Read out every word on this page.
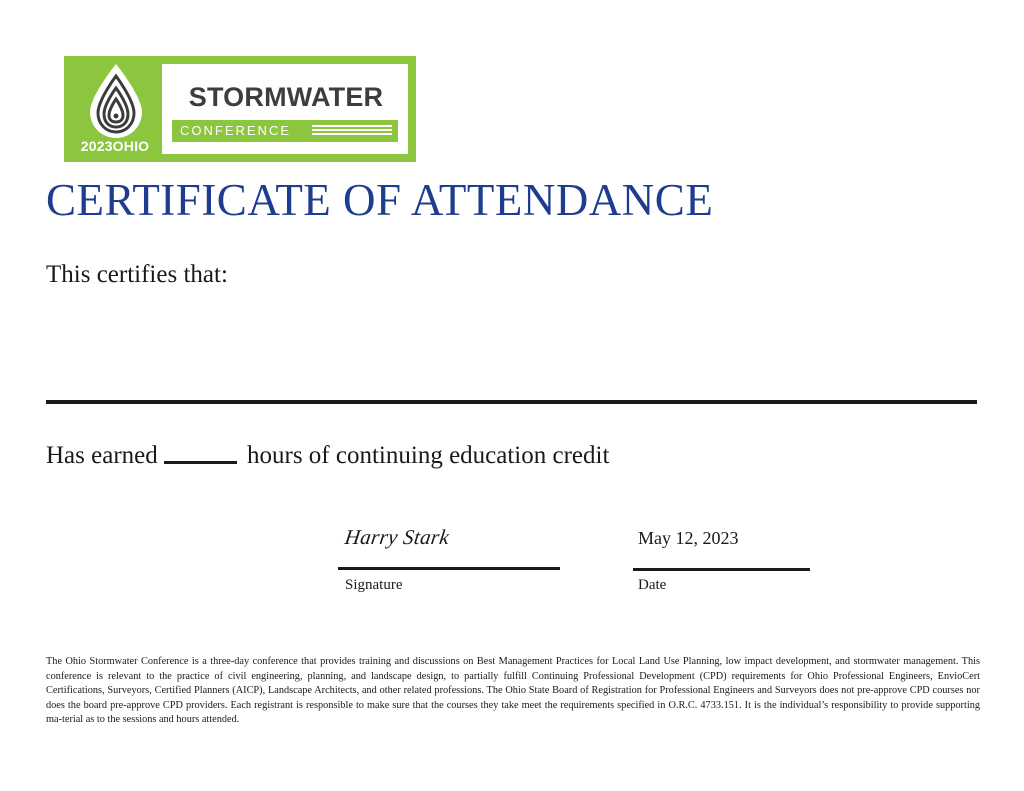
2023OHIO
STORMWATER
CONFERENCE
CERTIFICATE OF ATTENDANCE
This certifies that:
Has earned	hours of continuing education credit
Harry Stark
Signature
May 12, 2023
Date
The Ohio Stormwater Conference is a three-day conference that provides training and discussions on Best Management Practices for Local Land Use Planning, low impact development, and stormwater management. This conference is relevant to the practice of civil engineering, planning, and landscape design, to partially fulfill Continuing Professional Development (CPD) requirements for Ohio Professional Engineers, EnvioCert Certifications, Surveyors, Certified Planners (AICP), Landscape Architects, and other related professions. The Ohio State Board of Registration for Professional Engineers and Surveyors does not pre-approve CPD courses nor does the board pre-approve CPD providers. Each registrant is responsible to make sure that the courses they take meet the requirements specified in O.R.C. 4733.151. It is the individual’s responsibility to provide supporting ma-terial as to the sessions and hours attended.
